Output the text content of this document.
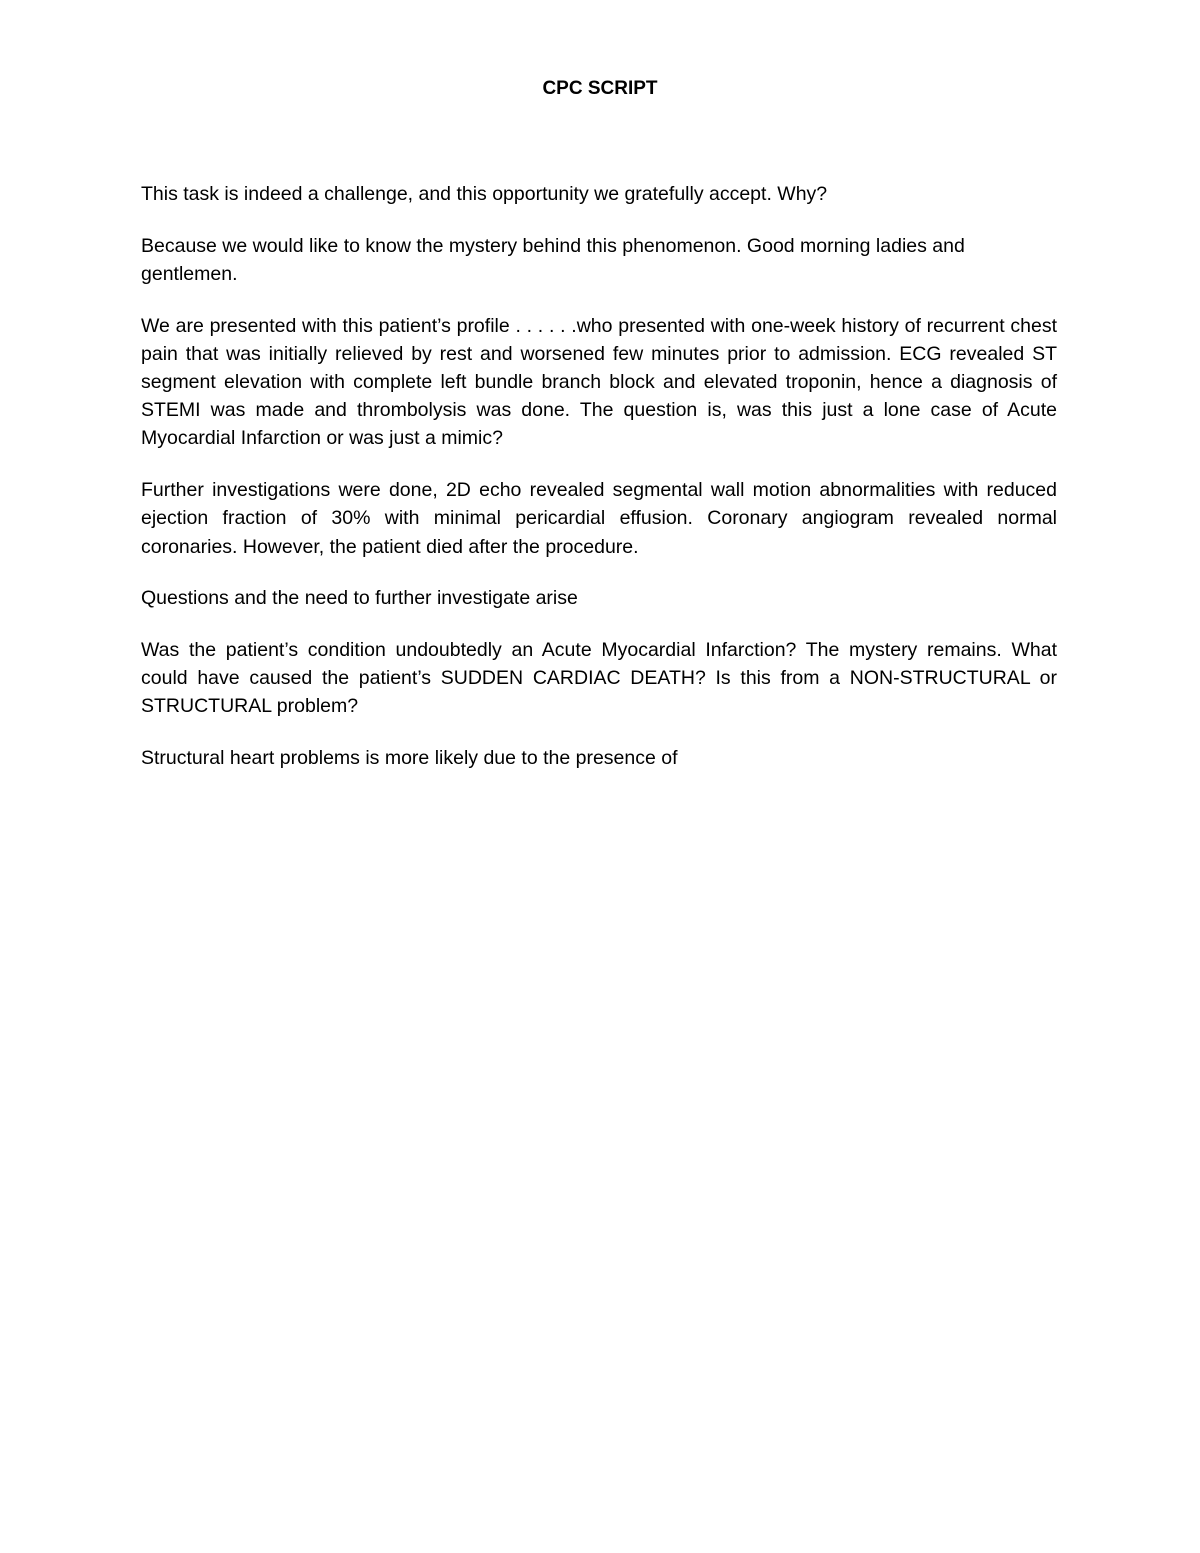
CPC SCRIPT

This task is indeed a challenge, and this opportunity we gratefully accept. Why?

Because we would like to know the mystery behind this phenomenon. Good morning ladies and gentlemen.

We are presented with this patient’s profile . . . . . .who presented with one-week history of recurrent chest pain that was initially relieved by rest and worsened few minutes prior to admission. ECG revealed ST segment elevation with complete left bundle branch block and elevated troponin, hence a diagnosis of STEMI was made and thrombolysis was done. The question is, was this just a lone case of Acute Myocardial Infarction or was just a mimic?

Further investigations were done, 2D echo revealed segmental wall motion abnormalities with reduced ejection fraction of 30% with minimal pericardial effusion. Coronary angiogram revealed normal coronaries. However, the patient died after the procedure.

Questions and the need to further investigate arise

Was the patient’s condition undoubtedly an Acute Myocardial Infarction? The mystery remains. What could have caused the patient’s SUDDEN CARDIAC DEATH? Is this from a NON-STRUCTURAL or STRUCTURAL problem?

Structural heart problems is more likely due to the presence of
